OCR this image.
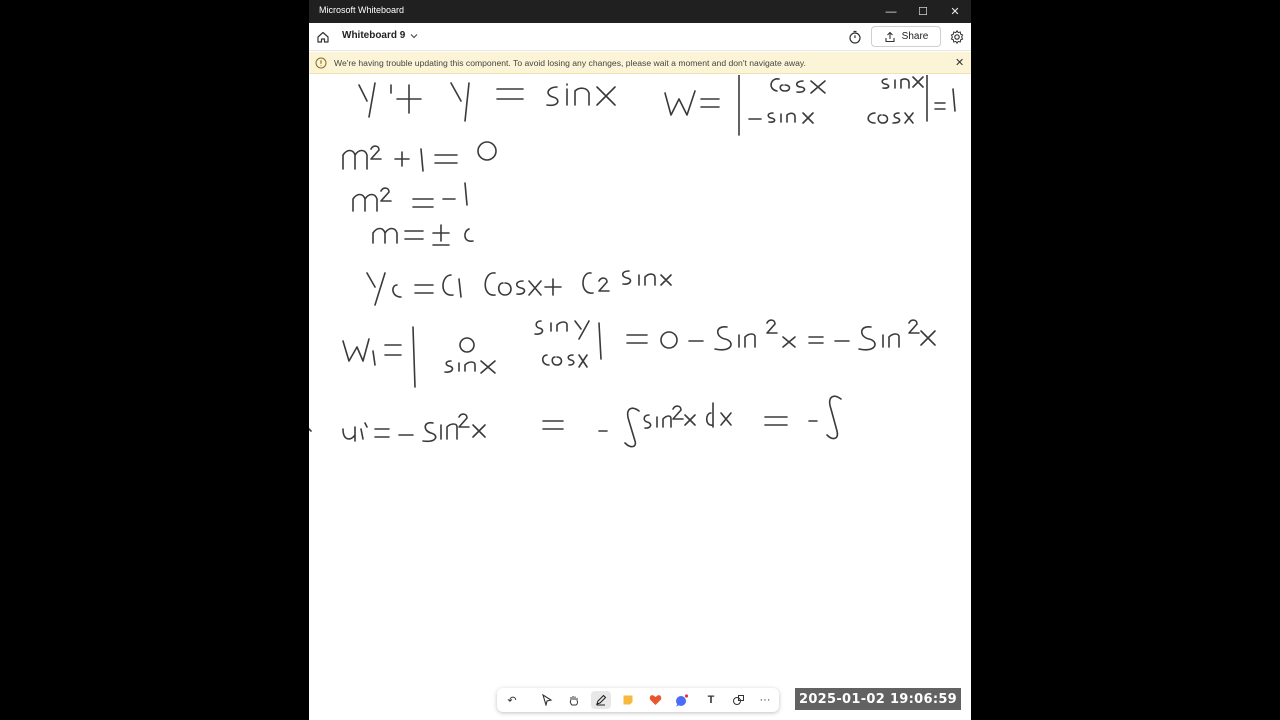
Microsoft Whiteboard	—	☐	✕
Whiteboard 9	Share
We're having trouble updating this component. To avoid losing any changes, please wait a moment and don't navigate away.	✕
↶	T	···	2025-01-02 19:06:59
